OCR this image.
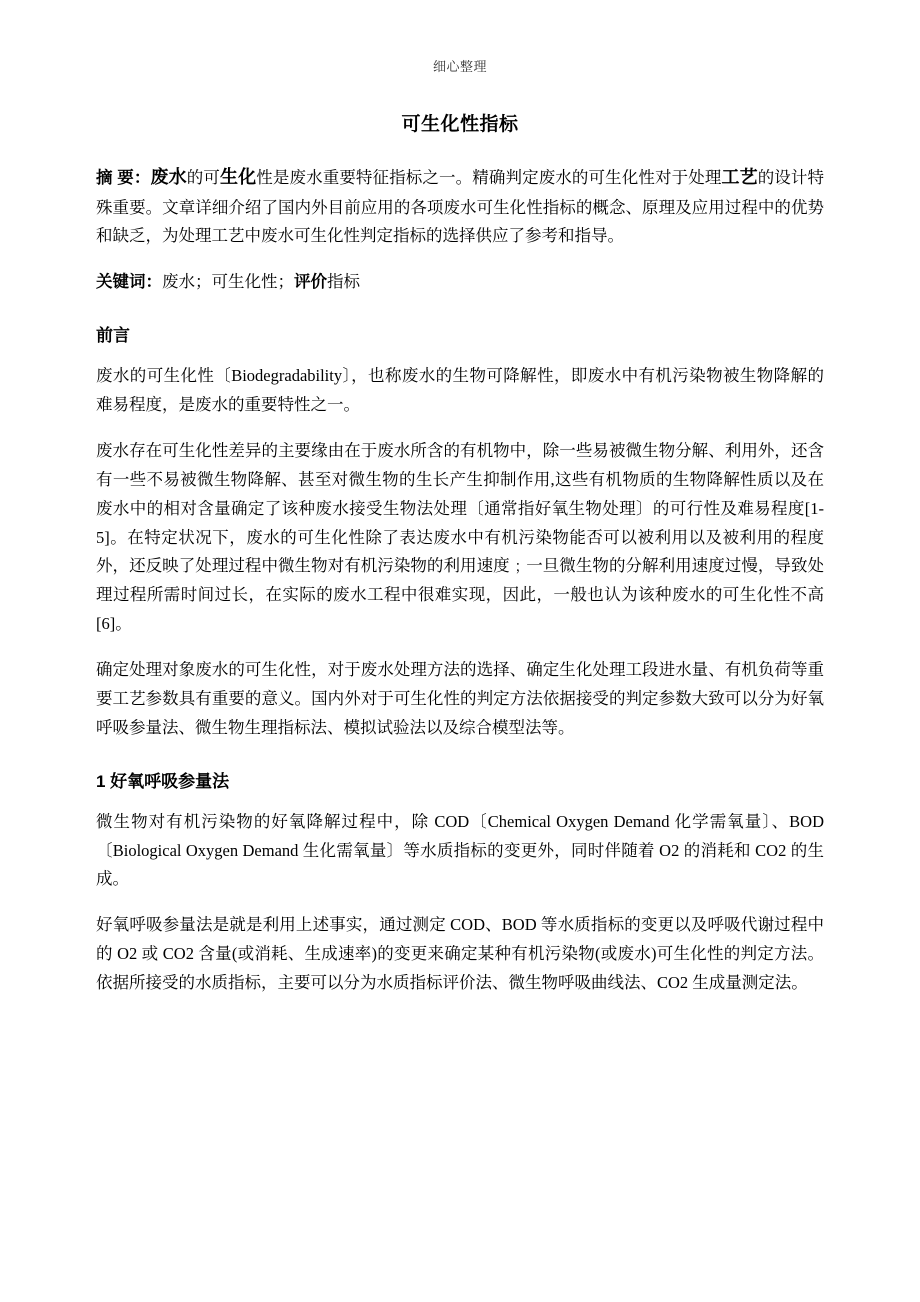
细心整理
可生化性指标

摘 要：废水的可生化性是废水重要特征指标之一。精确判定废水的可生化性对于处理工艺的设计特殊重要。文章详细介绍了国内外目前应用的各项废水可生化性指标的概念、原理及应用过程中的优势和缺乏，为处理工艺中废水可生化性判定指标的选择供应了参考和指导。

关键词：废水；可生化性；评价指标

前言

废水的可生化性〔Biodegradability〕，也称废水的生物可降解性，即废水中有机污染物被生物降解的难易程度，是废水的重要特性之一。

废水存在可生化性差异的主要缘由在于废水所含的有机物中，除一些易被微生物分解、利用外，还含有一些不易被微生物降解、甚至对微生物的生长产生抑制作用,这些有机物质的生物降解性质以及在废水中的相对含量确定了该种废水接受生物法处理〔通常指好氧生物处理〕的可行性及难易程度[1-5]。在特定状况下，废水的可生化性除了表达废水中有机污染物能否可以被利用以及被利用的程度外，还反映了处理过程中微生物对有机污染物的利用速度﹔一旦微生物的分解利用速度过慢，导致处理过程所需时间过长，在实际的废水工程中很难实现，因此，一般也认为该种废水的可生化性不高[6]。

确定处理对象废水的可生化性，对于废水处理方法的选择、确定生化处理工段进水量、有机负荷等重要工艺参数具有重要的意义。国内外对于可生化性的判定方法依据接受的判定参数大致可以分为好氧呼吸参量法、微生物生理指标法、模拟试验法以及综合模型法等。

1 好氧呼吸参量法

微生物对有机污染物的好氧降解过程中，除 COD〔Chemical Oxygen Demand 化学需氧量〕、BOD〔Biological Oxygen Demand 生化需氧量〕等水质指标的变更外，同时伴随着 O2 的消耗和 CO2 的生成。

好氧呼吸参量法是就是利用上述事实，通过测定 COD、BOD 等水质指标的变更以及呼吸代谢过程中的 O2 或 CO2 含量(或消耗、生成速率)的变更来确定某种有机污染物(或废水)可生化性的判定方法。依据所接受的水质指标，主要可以分为水质指标评价法、微生物呼吸曲线法、CO2 生成量测定法。
